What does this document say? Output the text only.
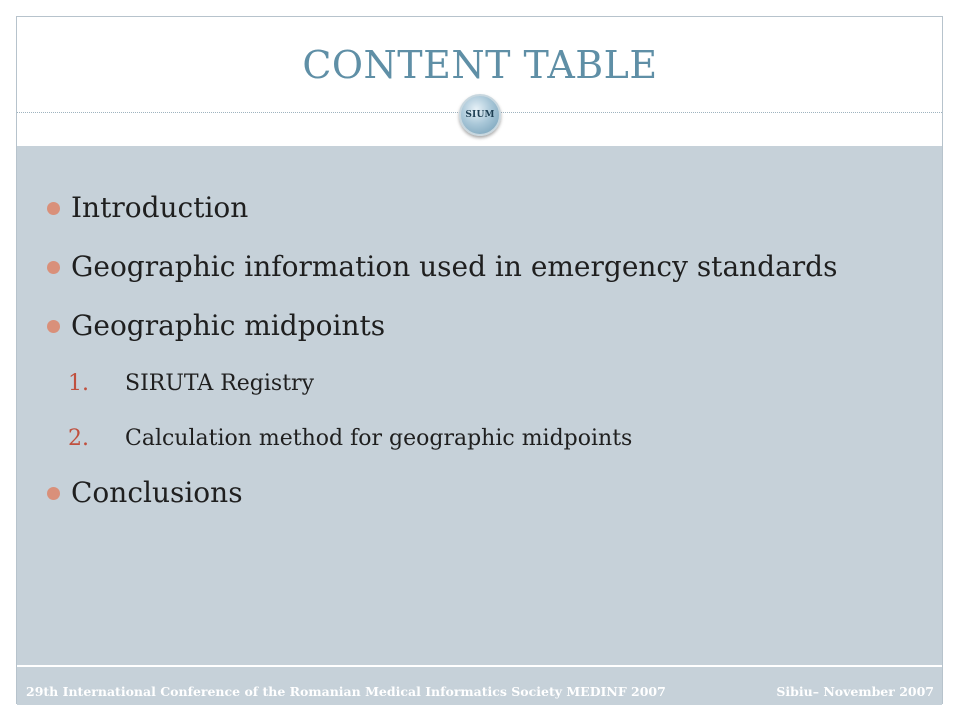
CONTENT TABLE
SIUM
Introduction
Geographic information used in emergency standards
Geographic midpoints
1. SIRUTA Registry
2. Calculation method for geographic midpoints
Conclusions
29th International Conference of the Romanian Medical Informatics Society MEDINF 2007	Sibiu– November 2007
